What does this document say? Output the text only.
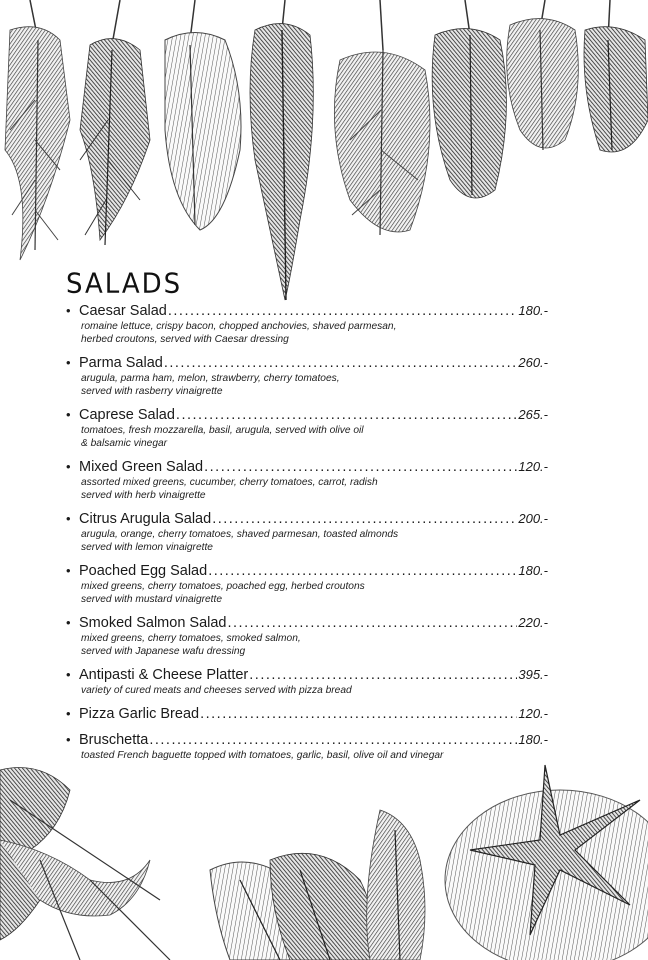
SALADS
• Caesar Salad .....	180.-
romaine lettuce, crispy bacon, chopped anchovies, shaved parmesan,
herbed croutons, served with Caesar dressing
• Parma Salad .....	260.-
arugula, parma ham, melon, strawberry, cherry tomatoes,
served with rasberry vinaigrette
• Caprese Salad .....	265.-
tomatoes, fresh mozzarella, basil, arugula, served with olive oil
& balsamic vinegar
• Mixed Green Salad .....	120.-
assorted mixed greens, cucumber, cherry tomatoes, carrot, radish
served with herb vinaigrette
• Citrus Arugula Salad .....	200.-
arugula, orange, cherry tomatoes, shaved parmesan, toasted almonds
served with lemon vinaigrette
• Poached Egg Salad .....	180.-
mixed greens, cherry tomatoes, poached egg, herbed croutons
served with mustard vinaigrette
• Smoked Salmon Salad .....	220.-
mixed greens, cherry tomatoes, smoked salmon,
served with Japanese wafu dressing
• Antipasti & Cheese Platter .....	395.-
variety of cured meats and cheeses served with pizza bread
• Pizza Garlic Bread .....	120.-
• Bruschetta .....	180.-
toasted French baguette topped with tomatoes, garlic, basil, olive oil and vinegar
